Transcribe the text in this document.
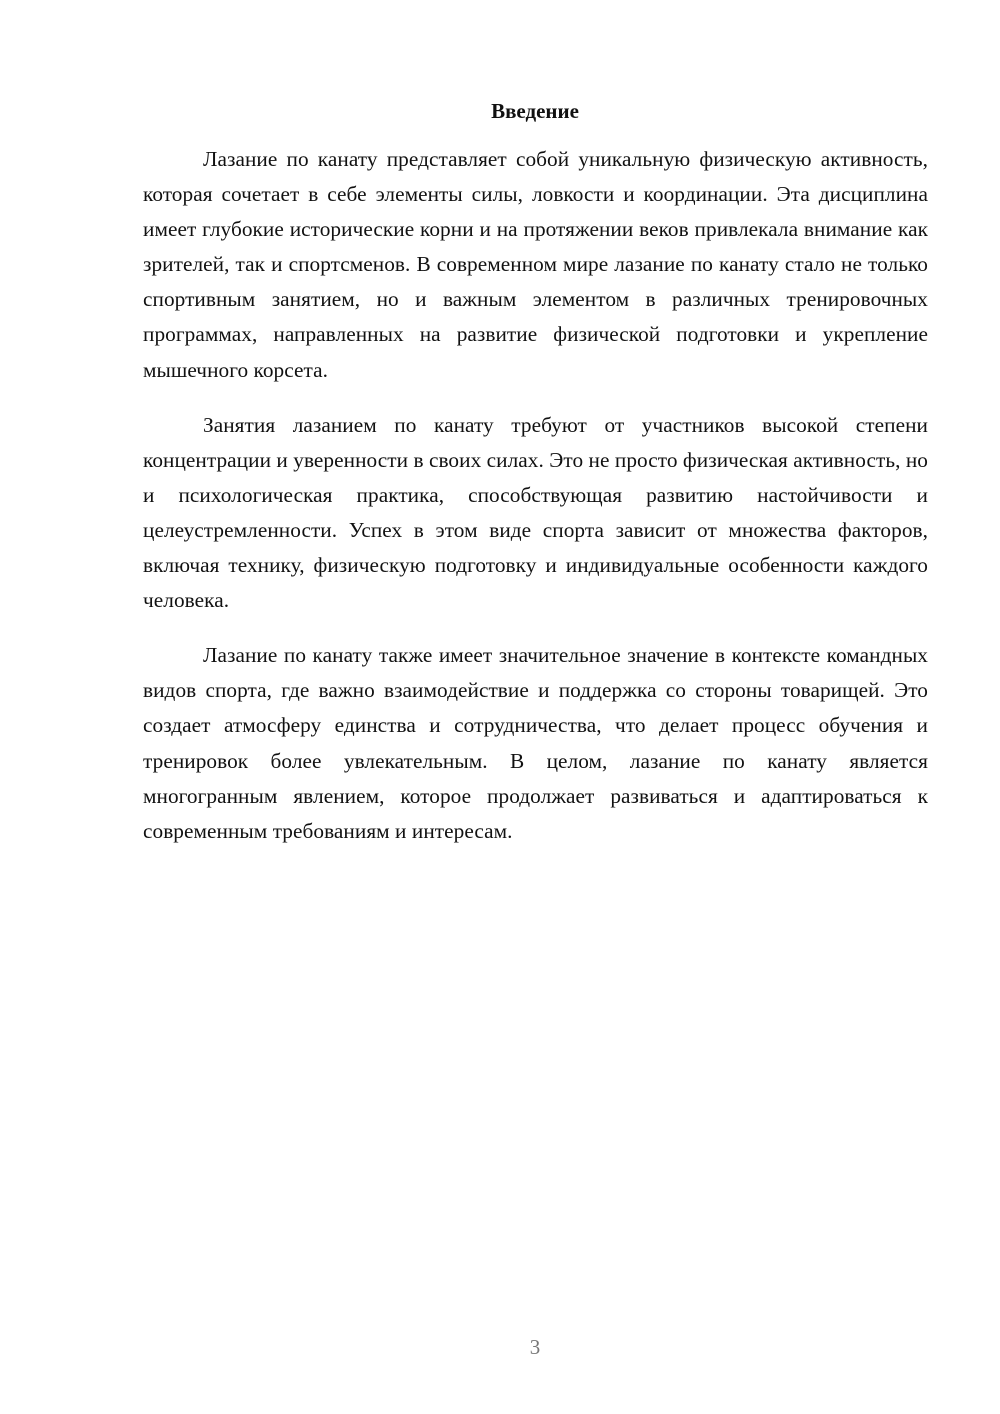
Введение

Лазание по канату представляет собой уникальную физическую активность, которая сочетает в себе элементы силы, ловкости и координации. Эта дисциплина имеет глубокие исторические корни и на протяжении веков привлекала внимание как зрителей, так и спортсменов. В современном мире лазание по канату стало не только спортивным занятием, но и важным элементом в различных тренировочных программах, направленных на развитие физической подготовки и укрепление мышечного корсета.

Занятия лазанием по канату требуют от участников высокой степени концентрации и уверенности в своих силах. Это не просто физическая активность, но и психологическая практика, способствующая развитию настойчивости и целеустремленности. Успех в этом виде спорта зависит от множества факторов, включая технику, физическую подготовку и индивидуальные особенности каждого человека.

Лазание по канату также имеет значительное значение в контексте командных видов спорта, где важно взаимодействие и поддержка со стороны товарищей. Это создает атмосферу единства и сотрудничества, что делает процесс обучения и тренировок более увлекательным. В целом, лазание по канату является многогранным явлением, которое продолжает развиваться и адаптироваться к современным требованиям и интересам.

3
